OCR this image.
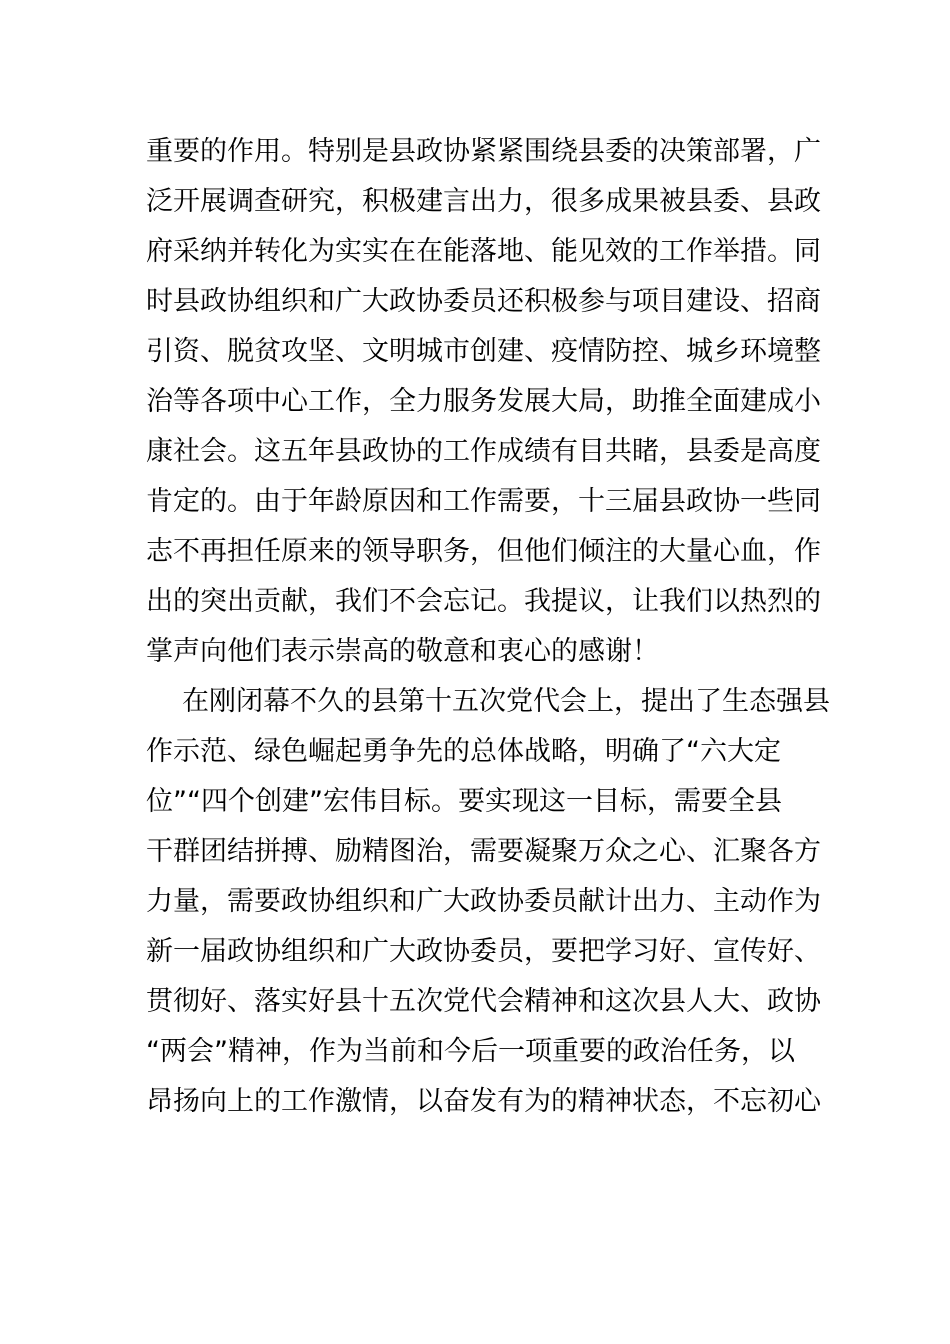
重要的作用。特别是县政协紧紧围绕县委的决策部署，广
泛开展调查研究，积极建言出力，很多成果被县委、县政
府采纳并转化为实实在在能落地、能见效的工作举措。同
时县政协组织和广大政协委员还积极参与项目建设、招商
引资、脱贫攻坚、文明城市创建、疫情防控、城乡环境整
治等各项中心工作，全力服务发展大局，助推全面建成小
康社会。这五年县政协的工作成绩有目共睹，县委是高度
肯定的。由于年龄原因和工作需要，十三届县政协一些同
志不再担任原来的领导职务，但他们倾注的大量心血，作
出的突出贡献，我们不会忘记。我提议，让我们以热烈的
掌声向他们表示崇高的敬意和衷心的感谢！
在刚闭幕不久的县第十五次党代会上，提出了生态强县
作示范、绿色崛起勇争先的总体战略，明确了“六大定
位”“四个创建”宏伟目标。要实现这一目标，需要全县
干群团结拼搏、励精图治，需要凝聚万众之心、汇聚各方
力量，需要政协组织和广大政协委员献计出力、主动作为
新一届政协组织和广大政协委员，要把学习好、宣传好、
贯彻好、落实好县十五次党代会精神和这次县人大、政协
“两会”精神，作为当前和今后一项重要的政治任务，以
昂扬向上的工作激情，以奋发有为的精神状态，不忘初心
